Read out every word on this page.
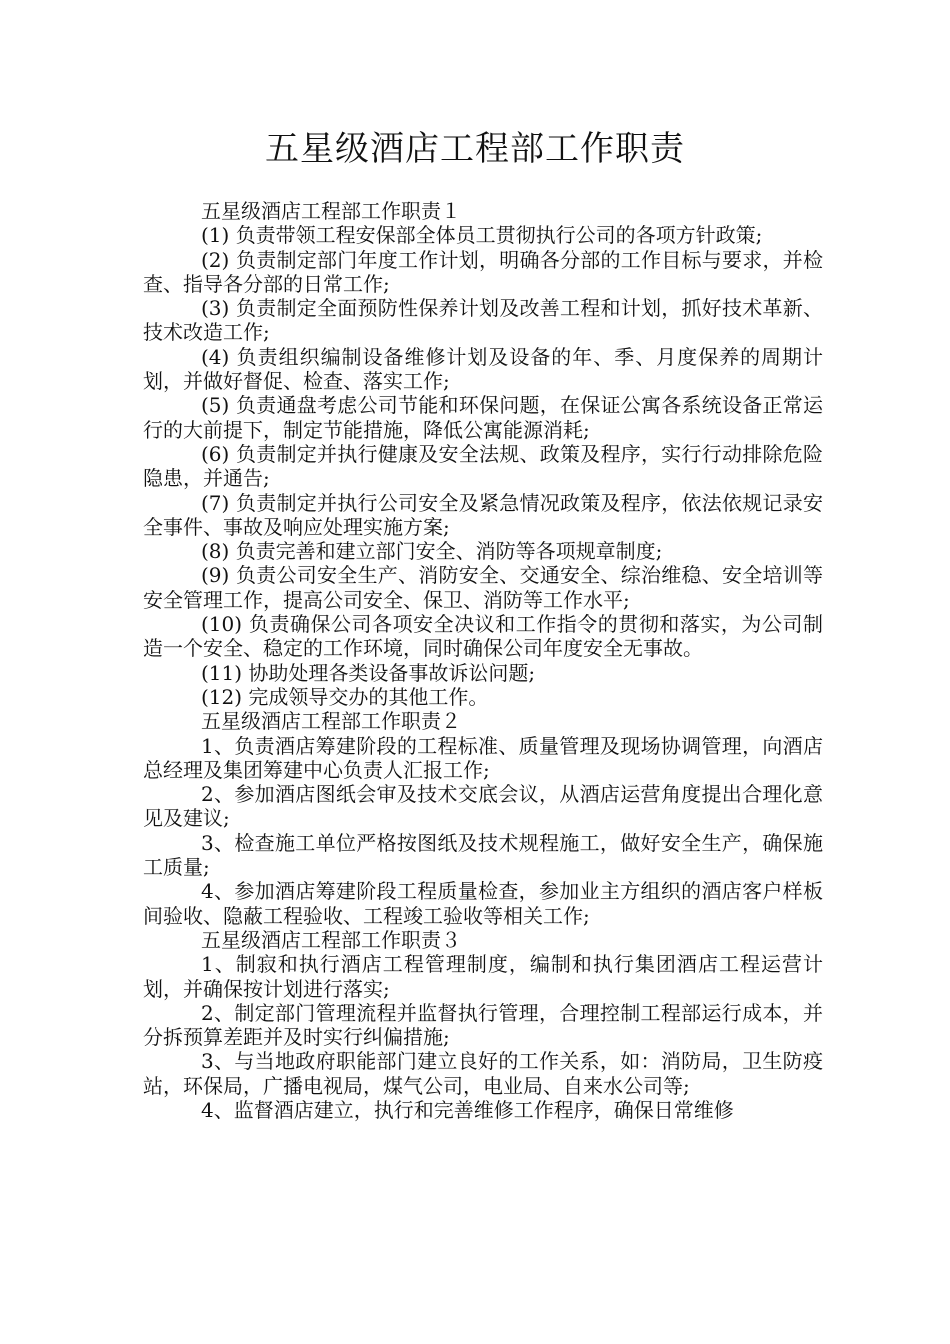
五星级酒店工程部工作职责

五星级酒店工程部工作职责１

(1) 负责带领工程安保部全体员工贯彻执行公司的各项方针政策;

(2) 负责制定部门年度工作计划，明确各分部的工作目标与要求，并检查、指导各分部的日常工作;

(3) 负责制定全面预防性保养计划及改善工程和计划，抓好技术革新、技术改造工作;

(4) 负责组织编制设备维修计划及设备的年、季、月度保养的周期计划，并做好督促、检查、落实工作;

(5) 负责通盘考虑公司节能和环保问题，在保证公寓各系统设备正常运行的大前提下，制定节能措施，降低公寓能源消耗;

(6) 负责制定并执行健康及安全法规、政策及程序，实行行动排除危险隐患，并通告;

(7) 负责制定并执行公司安全及紧急情况政策及程序，依法依规记录安全事件、事故及响应处理实施方案;

(8) 负责完善和建立部门安全、消防等各项规章制度;

(9) 负责公司安全生产、消防安全、交通安全、综治维稳、安全培训等安全管理工作，提高公司安全、保卫、消防等工作水平;

(10) 负责确保公司各项安全决议和工作指令的贯彻和落实，为公司制造一个安全、稳定的工作环境，同时确保公司年度安全无事故。

(11) 协助处理各类设备事故诉讼问题;

(12) 完成领导交办的其他工作。

五星级酒店工程部工作职责２

1、负责酒店筹建阶段的工程标准、质量管理及现场协调管理，向酒店总经理及集团筹建中心负责人汇报工作;

2、参加酒店图纸会审及技术交底会议，从酒店运营角度提出合理化意见及建议;

3、检查施工单位严格按图纸及技术规程施工，做好安全生产，确保施工质量;

4、参加酒店筹建阶段工程质量检查，参加业主方组织的酒店客户样板间验收、隐蔽工程验收、工程竣工验收等相关工作;

五星级酒店工程部工作职责３

1、制寂和执行酒店工程管理制度，编制和执行集团酒店工程运营计划，并确保按计划进行落实;

2、制定部门管理流程并监督执行管理，合理控制工程部运行成本，并分拆预算差距并及时实行纠偏措施;

3、与当地政府职能部门建立良好的工作关系，如：消防局，卫生防疫站，环保局，广播电视局，煤气公司，电业局、自来水公司等;

4、监督酒店建立，执行和完善维修工作程序，确保日常维修
